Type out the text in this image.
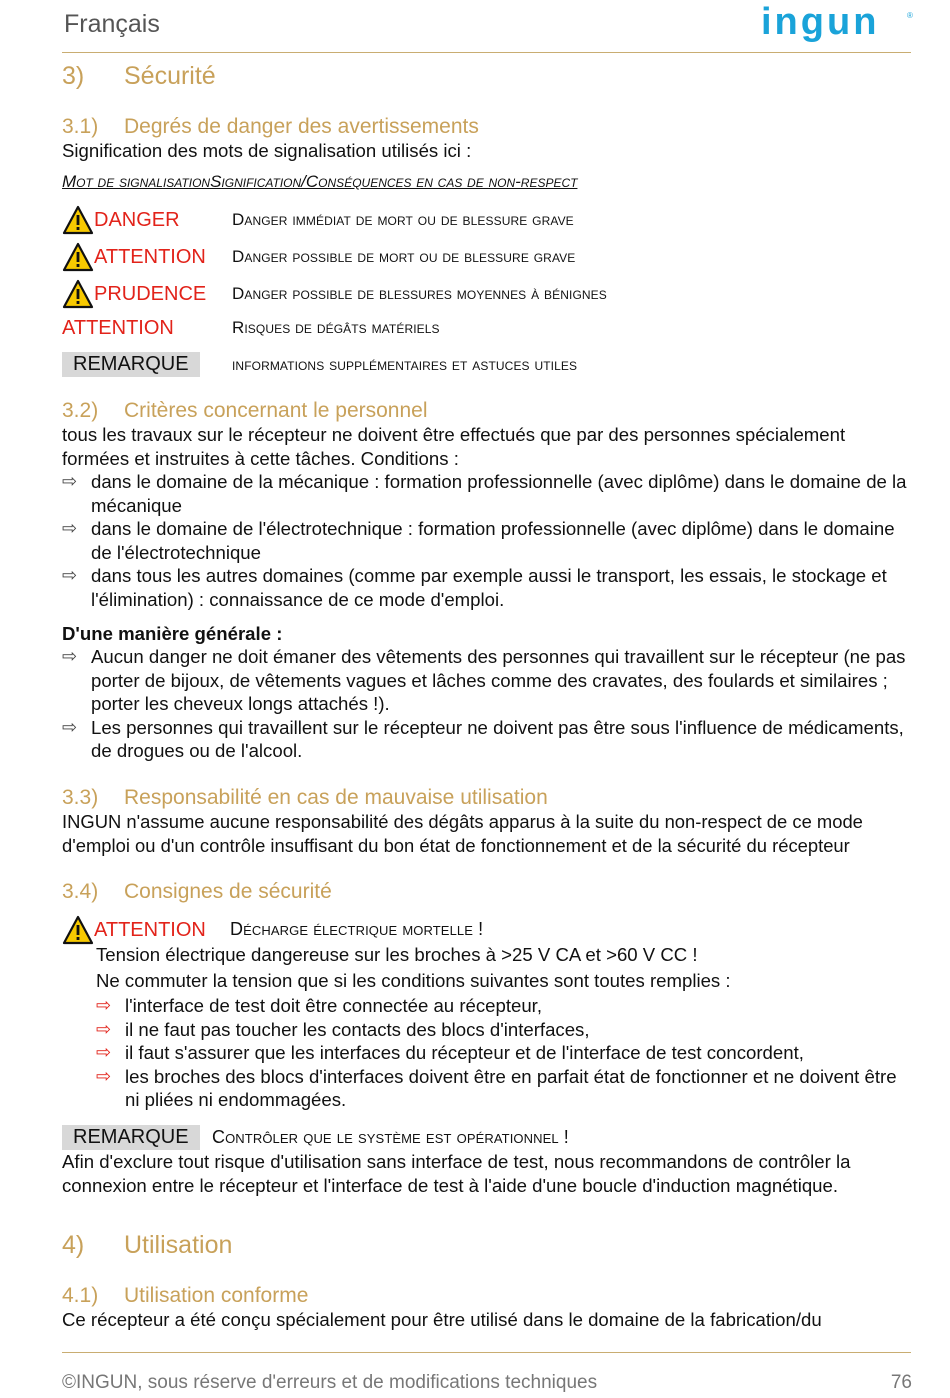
Français	ingun	®
3) Sécurité
3.1) Degrés de danger des avertissements
Signification des mots de signalisation utilisés ici :
Mot de signalisationSignification/Conséquences en cas de non-respect
DANGER	Danger immédiat de mort ou de blessure grave
ATTENTION Danger possible de mort ou de blessure grave
PRUDENCE Danger possible de blessures moyennes à bénignes
ATTENTION	Risques de dégâts matériels
REMARQUE	informations supplémentaires et astuces utiles
3.2) Critères concernant le personnel
tous les travaux sur le récepteur ne doivent être effectués que par des personnes spécialement formées et instruites à cette tâches. Conditions :
⇨ dans le domaine de la mécanique : formation professionnelle (avec diplôme) dans le domaine de la mécanique
⇨ dans le domaine de l'électrotechnique : formation professionnelle (avec diplôme) dans le domaine de l'électrotechnique
⇨ dans tous les autres domaines (comme par exemple aussi le transport, les essais, le stockage et l'élimination) : connaissance de ce mode d'emploi.
D'une manière générale :
⇨ Aucun danger ne doit émaner des vêtements des personnes qui travaillent sur le récepteur (ne pas porter de bijoux, de vêtements vagues et lâches comme des cravates, des foulards et similaires ; porter les cheveux longs attachés !).
⇨ Les personnes qui travaillent sur le récepteur ne doivent pas être sous l'influence de médicaments, de drogues ou de l'alcool.
3.3) Responsabilité en cas de mauvaise utilisation
INGUN n'assume aucune responsabilité des dégâts apparus à la suite du non-respect de ce mode d'emploi ou d'un contrôle insuffisant du bon état de fonctionnement et de la sécurité du récepteur
3.4) Consignes de sécurité
ATTENTION Décharge électrique mortelle !
Tension électrique dangereuse sur les broches à >25 V CA et >60 V CC !
Ne commuter la tension que si les conditions suivantes sont toutes remplies :
⇨ l'interface de test doit être connectée au récepteur,
⇨ il ne faut pas toucher les contacts des blocs d'interfaces,
⇨ il faut s'assurer que les interfaces du récepteur et de l'interface de test concordent,
⇨ les broches des blocs d'interfaces doivent être en parfait état de fonctionner et ne doivent être ni pliées ni endommagées.
REMARQUE	Contrôler que le système est opérationnel !
Afin d'exclure tout risque d'utilisation sans interface de test, nous recommandons de contrôler la connexion entre le récepteur et l'interface de test à l'aide d'une boucle d'induction magnétique.
4) Utilisation
4.1) Utilisation conforme
Ce récepteur a été conçu spécialement pour être utilisé dans le domaine de la fabrication/du
©INGUN, sous réserve d'erreurs et de modifications techniques	76
